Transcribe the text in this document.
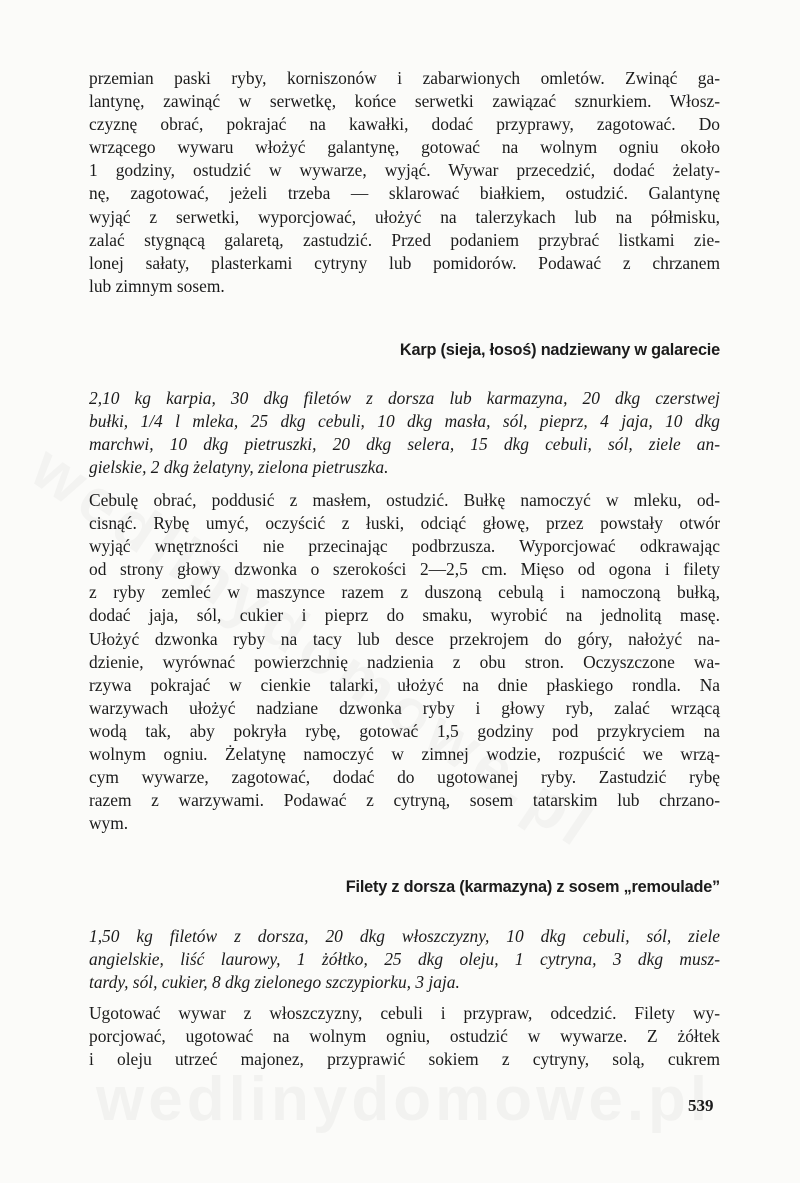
przemian paski ryby, korniszonów i zabarwionych omletów. Zwinąć ga-
lantynę, zawinąć w serwetkę, końce serwetki zawiązać sznurkiem. Włosz-
czyznę obrać, pokrajać na kawałki, dodać przyprawy, zagotować. Do
wrzącego wywaru włożyć galantynę, gotować na wolnym ogniu około
1 godziny, ostudzić w wywarze, wyjąć. Wywar przecedzić, dodać żelaty-
nę, zagotować, jeżeli trzeba — sklarować białkiem, ostudzić. Galantynę
wyjąć z serwetki, wyporcjować, ułożyć na talerzykach lub na półmisku,
zalać stygnącą galaretą, zastudzić. Przed podaniem przybrać listkami zie-
lonej sałaty, plasterkami cytryny lub pomidorów. Podawać z chrzanem
lub zimnym sosem.

Karp (sieja, łosoś) nadziewany w galarecie

2,10 kg karpia, 30 dkg filetów z dorsza lub karmazyna, 20 dkg czerstwej
bułki, 1/4 l mleka, 25 dkg cebuli, 10 dkg masła, sól, pieprz, 4 jaja, 10 dkg
marchwi, 10 dkg pietruszki, 20 dkg selera, 15 dkg cebuli, sól, ziele an-
gielskie, 2 dkg żelatyny, zielona pietruszka.

Cebulę obrać, poddusić z masłem, ostudzić. Bułkę namoczyć w mleku, od-
cisnąć. Rybę umyć, oczyścić z łuski, odciąć głowę, przez powstały otwór
wyjąć wnętrzności nie przecinając podbrzusza. Wyporcjować odkrawając
od strony głowy dzwonka o szerokości 2—2,5 cm. Mięso od ogona i filety
z ryby zemleć w maszynce razem z duszoną cebulą i namoczoną bułką,
dodać jaja, sól, cukier i pieprz do smaku, wyrobić na jednolitą masę.
Ułożyć dzwonka ryby na tacy lub desce przekrojem do góry, nałożyć na-
dzienie, wyrównać powierzchnię nadzienia z obu stron. Oczyszczone wa-
rzywa pokrajać w cienkie talarki, ułożyć na dnie płaskiego rondla. Na
warzywach ułożyć nadziane dzwonka ryby i głowy ryb, zalać wrzącą
wodą tak, aby pokryła rybę, gotować 1,5 godziny pod przykryciem na
wolnym ogniu. Żelatynę namoczyć w zimnej wodzie, rozpuścić we wrzą-
cym wywarze, zagotować, dodać do ugotowanej ryby. Zastudzić rybę
razem z warzywami. Podawać z cytryną, sosem tatarskim lub chrzano-
wym.

Filety z dorsza (karmazyna) z sosem „remoulade”

1,50 kg filetów z dorsza, 20 dkg włoszczyzny, 10 dkg cebuli, sól, ziele
angielskie, liść laurowy, 1 żółtko, 25 dkg oleju, 1 cytryna, 3 dkg musz-
tardy, sól, cukier, 8 dkg zielonego szczypiorku, 3 jaja.

Ugotować wywar z włoszczyzny, cebuli i przypraw, odcedzić. Filety wy-
porcjować, ugotować na wolnym ogniu, ostudzić w wywarze. Z żółtek
i oleju utrzeć majonez, przyprawić sokiem z cytryny, solą, cukrem

539
